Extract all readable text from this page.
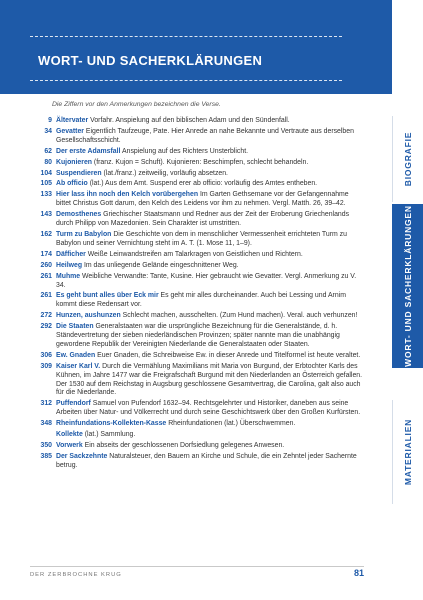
WORT- UND SACHERKLÄRUNGEN
Die Ziffern vor den Anmerkungen bezeichnen die Verse.
9 Ältervater Vorfahr. Anspielung auf den biblischen Adam und den Sündenfall.
34 Gevatter Eigentlich Taufzeuge, Pate. Hier Anrede an nahe Bekannte und Vertraute aus derselben Gesellschaftsschicht.
62 Der erste Adamsfall Anspielung auf des Richters Unsterblicht.
80 Kujonieren (franz. Kujon = Schuft). Kujonieren: Beschimpfen, schlecht behandeln.
104 Suspendieren (lat./franz.) zeitweilig, vorläufig absetzen.
105 Ab officio (lat.) Aus dem Amt. Suspend erer ab officio: vorläufig des Amtes entheben.
133 Hier lass ihn noch den Kelch vorübergehen Im Garten Gethsemane vor der Gefangennahme bittet Christus Gott darum, den Kelch des Leidens vor ihm zu nehmen. Vergl. Matth. 26, 39–42.
143 Demosthenes Griechischer Staatsmann und Redner aus der Zeit der Eroberung Griechenlands durch Philipp von Mazedonien. Sein Charakter ist umstritten.
162 Turm zu Babylon Die Geschichte von dem in menschlicher Vermessenheit errichteten Turm zu Babylon und seiner Vernichtung steht im A. T. (1. Mose 11, 1–9).
174 Däfficher Weiße Leinwandstreifen am Talarkragen von Geistlichen und Richtern.
260 Heilweg Im das unliegende Gelände eingeschnittener Weg.
261 Muhme Weibliche Verwandte: Tante, Kusine. Hier gebraucht wie Gevatter. Vergl. Anmerkung zu V. 34.
261 Es geht bunt alles über Eck mir Es geht mir alles durcheinander. Auch bei Lessing und Arnim kommt diese Redensart vor.
272 Hunzen, aushunzen Schlecht machen, ausschelten. (Zum Hund machen). Veral. auch verhunzen!
292 Die Staaten Generalstaaten war die ursprüngliche Bezeichnung für die Generalstände, d. h. Ständevertretung der sieben niederländischen Provinzen; später nannte man die unabhängig gewordene Republik der Vereinigten Niederlande die Generalstaaten oder Staaten.
306 Ew. Gnaden Euer Gnaden, die Schreibweise Ew. in dieser Anrede und Titelformel ist heute veraltet.
309 Kaiser Karl V. Durch die Vermählung Maximilians mit Maria von Burgund, der Erbtochter Karls des Kühnen, im Jahre 1477 war die Freigrafschaft Burgund mit den Niederlanden an Österreich gefallen. Der 1530 auf dem Reichstag in Augsburg geschlossene Gesamtvertrag, die Carolina, galt also auch für die Niederlande.
312 Puffendorf Samuel von Pufendorf 1632–94. Rechtsgelehrter und Historiker, daneben aus seine Arbeiten über Natur- und Völkerrecht und durch seine Geschichtswerk über den Großen Kurfürsten.
348 Rheinfundations-Kollekten-Kasse Rheinfundationen (lat.) Überschwemmen.
Kollekte (lat.) Sammlung.
350 Vorwerk Ein abseits der geschlossenen Dorfsiedlung gelegenes Anwesen.
385 Der Sackzehnte Naturalsteuer, den Bauern an Kirche und Schule, die ein Zehntel jeder Sachernte betrug.
BIOGRAFIE
WORT- UND SACHERKLÄRUNGEN
MATERIALIEN
DER ZERBROCHNE KRUG	81
